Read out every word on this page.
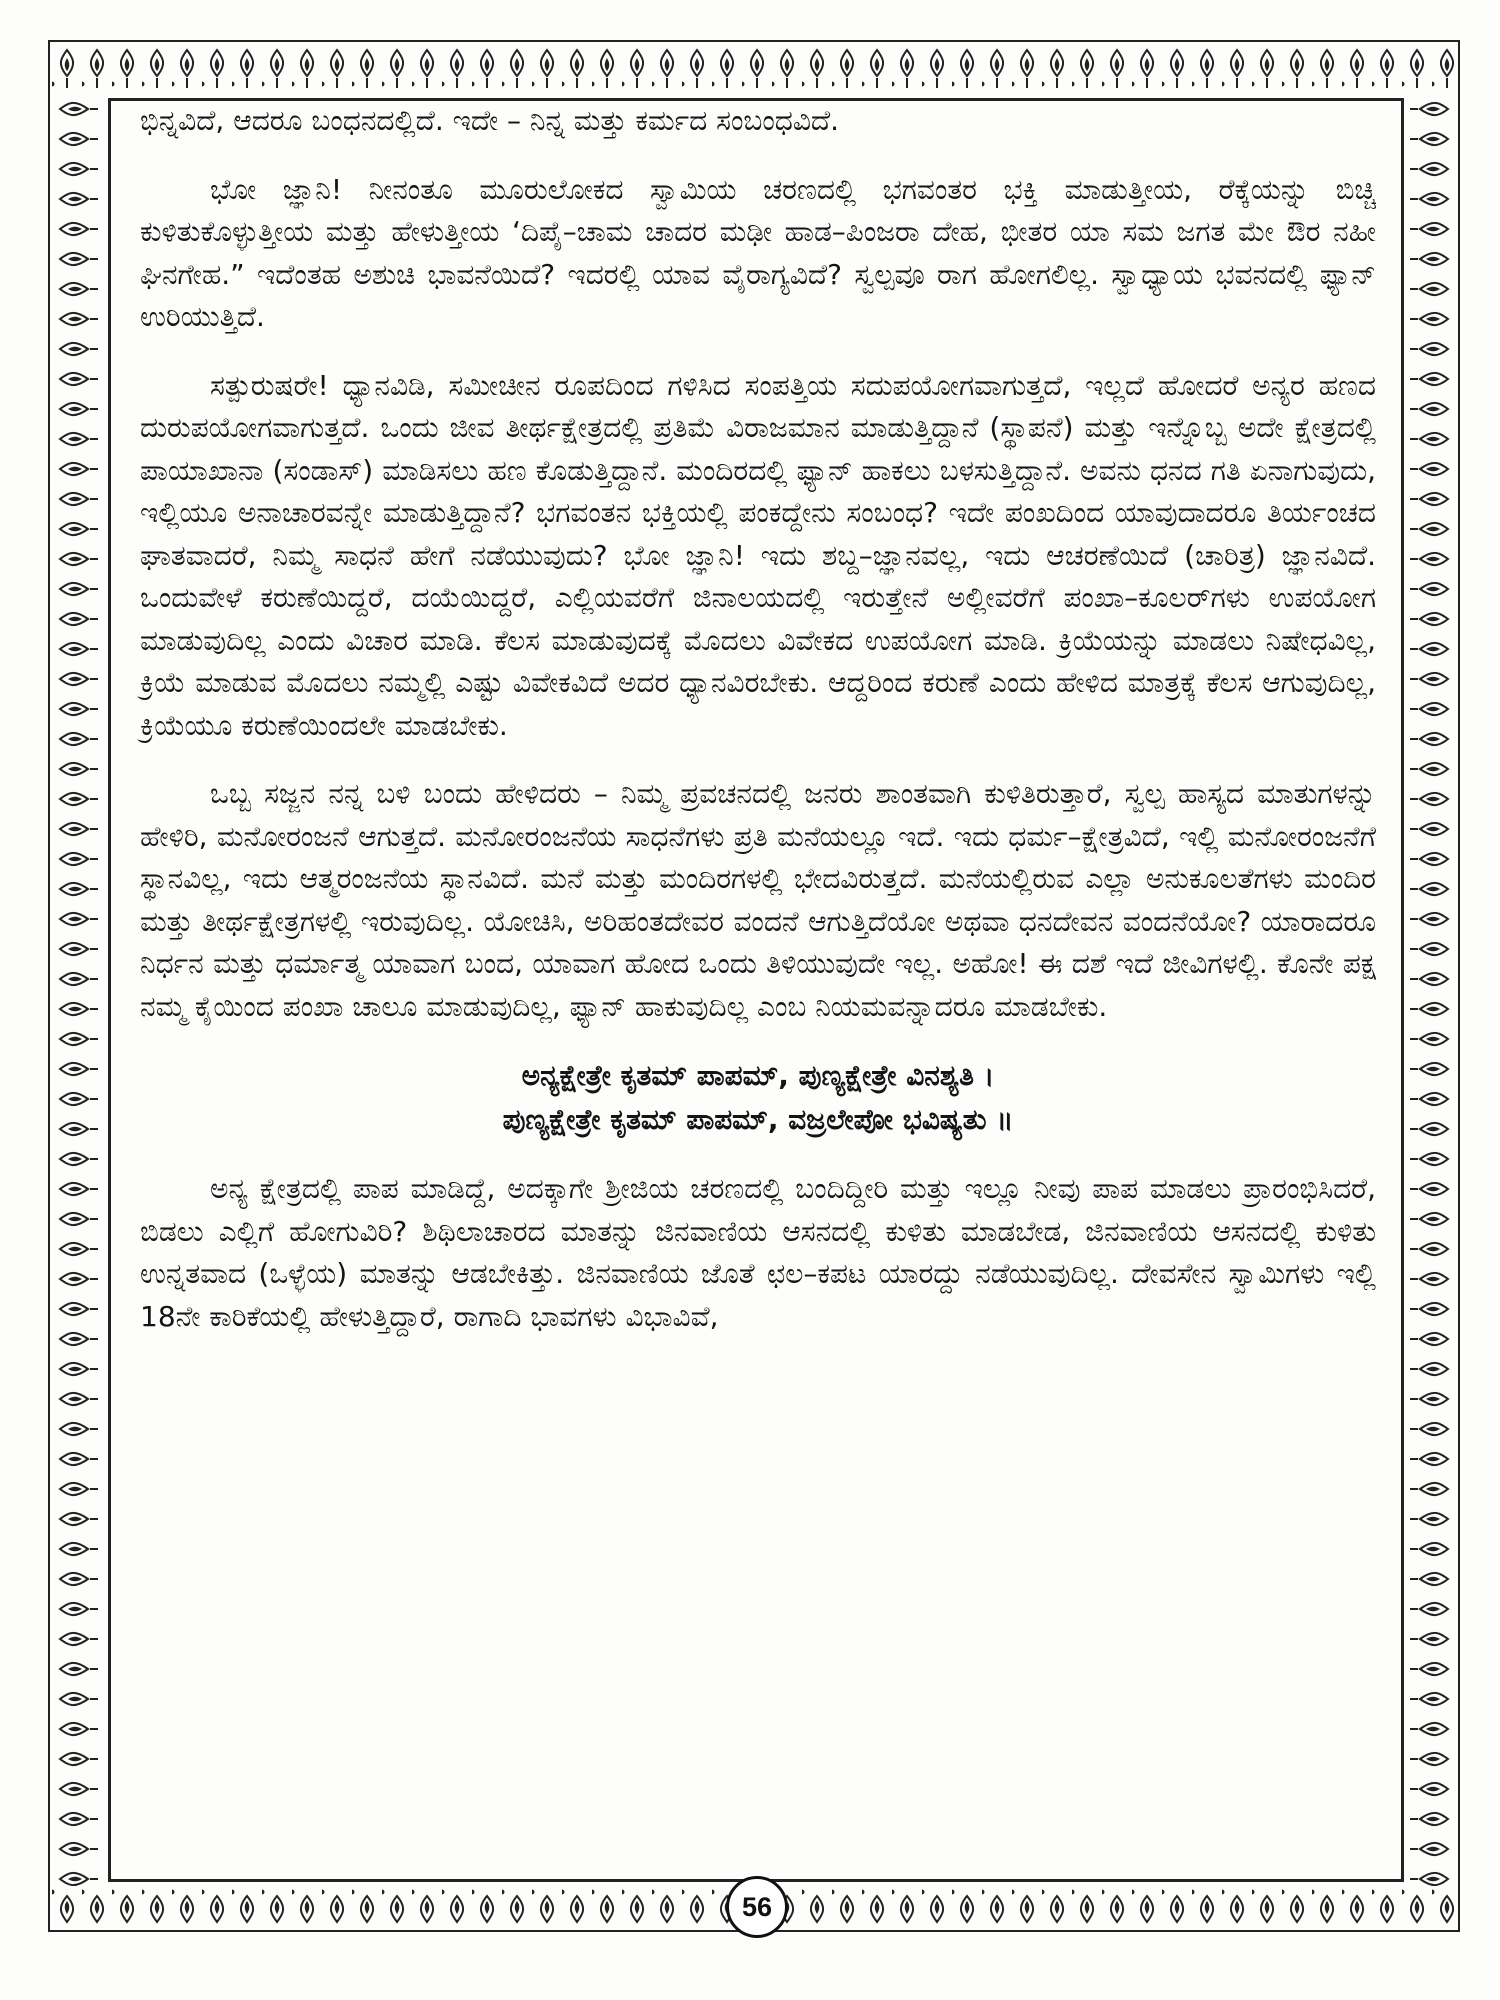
ಭಿನ್ನವಿದೆ, ಆದರೂ ಬಂಧನದಲ್ಲಿದೆ. ಇದೇ – ನಿನ್ನ ಮತ್ತು ಕರ್ಮದ ಸಂಬಂಧವಿದೆ.

ಭೋ ಜ್ಞಾನಿ! ನೀನಂತೂ ಮೂರುಲೋಕದ ಸ್ವಾಮಿಯ ಚರಣದಲ್ಲಿ ಭಗವಂತರ ಭಕ್ತಿ ಮಾಡುತ್ತೀಯ, ರೆಕ್ಕೆಯನ್ನು ಬಿಚ್ಚಿ ಕುಳಿತುಕೊಳ್ಳುತ್ತೀಯ ಮತ್ತು ಹೇಳುತ್ತೀಯ ‘ದಿಪೈ–ಚಾಮ ಚಾದರ ಮಢೀ ಹಾಡ–ಪಿಂಜರಾ ದೇಹ, ಭೀತರ ಯಾ ಸಮ ಜಗತ ಮೇ ಔರ ನಹೀ ಘಿನಗೇಹ.” ಇದೆಂತಹ ಅಶುಚಿ ಭಾವನೆಯಿದೆ? ಇದರಲ್ಲಿ ಯಾವ ವೈರಾಗ್ಯವಿದೆ? ಸ್ವಲ್ಪವೂ ರಾಗ ಹೋಗಲಿಲ್ಲ. ಸ್ವಾಧ್ಯಾಯ ಭವನದಲ್ಲಿ ಫ್ಯಾನ್ ಉರಿಯುತ್ತಿದೆ.

ಸತ್ಪುರುಷರೇ! ಧ್ಯಾನವಿಡಿ, ಸಮೀಚೀನ ರೂಪದಿಂದ ಗಳಿಸಿದ ಸಂಪತ್ತಿಯ ಸದುಪಯೋಗವಾಗುತ್ತದೆ, ಇಲ್ಲದೆ ಹೋದರೆ ಅನ್ಯರ ಹಣದ ದುರುಪಯೋಗವಾಗುತ್ತದೆ. ಒಂದು ಜೀವ ತೀರ್ಥಕ್ಷೇತ್ರದಲ್ಲಿ ಪ್ರತಿಮೆ ವಿರಾಜಮಾನ ಮಾಡುತ್ತಿದ್ದಾನೆ (ಸ್ಥಾಪನೆ) ಮತ್ತು ಇನ್ನೊಬ್ಬ ಅದೇ ಕ್ಷೇತ್ರದಲ್ಲಿ ಪಾಯಾಖಾನಾ (ಸಂಡಾಸ್) ಮಾಡಿಸಲು ಹಣ ಕೊಡುತ್ತಿದ್ದಾನೆ. ಮಂದಿರದಲ್ಲಿ ಫ್ಯಾನ್ ಹಾಕಲು ಬಳಸುತ್ತಿದ್ದಾನೆ. ಅವನು ಧನದ ಗತಿ ಏನಾಗುವುದು, ಇಲ್ಲಿಯೂ ಅನಾಚಾರವನ್ನೇ ಮಾಡುತ್ತಿದ್ದಾನೆ? ಭಗವಂತನ ಭಕ್ತಿಯಲ್ಲಿ ಪಂಕದ್ದೇನು ಸಂಬಂಧ? ಇದೇ ಪಂಖದಿಂದ ಯಾವುದಾದರೂ ತಿರ್ಯಂಚದ ಘಾತವಾದರೆ, ನಿಮ್ಮ ಸಾಧನೆ ಹೇಗೆ ನಡೆಯುವುದು? ಭೋ ಜ್ಞಾನಿ! ಇದು ಶಬ್ದ–ಜ್ಞಾನವಲ್ಲ, ಇದು ಆಚರಣೆಯಿದೆ (ಚಾರಿತ್ರ) ಜ್ಞಾನವಿದೆ. ಒಂದುವೇಳೆ ಕರುಣೆಯಿದ್ದರೆ, ದಯೆಯಿದ್ದರೆ, ಎಲ್ಲಿಯವರೆಗೆ ಜಿನಾಲಯದಲ್ಲಿ ಇರುತ್ತೇನೆ ಅಲ್ಲೀವರೆಗೆ ಪಂಖಾ–ಕೂಲರ್‌ಗಳು ಉಪಯೋಗ ಮಾಡುವುದಿಲ್ಲ ಎಂದು ವಿಚಾರ ಮಾಡಿ. ಕೆಲಸ ಮಾಡುವುದಕ್ಕೆ ಮೊದಲು ವಿವೇಕದ ಉಪಯೋಗ ಮಾಡಿ. ಕ್ರಿಯೆಯನ್ನು ಮಾಡಲು ನಿಷೇಧವಿಲ್ಲ, ಕ್ರಿಯೆ ಮಾಡುವ ಮೊದಲು ನಮ್ಮಲ್ಲಿ ಎಷ್ಟು ವಿವೇಕವಿದೆ ಅದರ ಧ್ಯಾನವಿರಬೇಕು. ಆದ್ದರಿಂದ ಕರುಣೆ ಎಂದು ಹೇಳಿದ ಮಾತ್ರಕ್ಕೆ ಕೆಲಸ ಆಗುವುದಿಲ್ಲ, ಕ್ರಿಯೆಯೂ ಕರುಣೆಯಿಂದಲೇ ಮಾಡಬೇಕು.

ಒಬ್ಬ ಸಜ್ಜನ ನನ್ನ ಬಳಿ ಬಂದು ಹೇಳಿದರು – ನಿಮ್ಮ ಪ್ರವಚನದಲ್ಲಿ ಜನರು ಶಾಂತವಾಗಿ ಕುಳಿತಿರುತ್ತಾರೆ, ಸ್ವಲ್ಪ ಹಾಸ್ಯದ ಮಾತುಗಳನ್ನು ಹೇಳಿರಿ, ಮನೋರಂಜನೆ ಆಗುತ್ತದೆ. ಮನೋರಂಜನೆಯ ಸಾಧನೆಗಳು ಪ್ರತಿ ಮನೆಯಲ್ಲೂ ಇದೆ. ಇದು ಧರ್ಮ–ಕ್ಷೇತ್ರವಿದೆ, ಇಲ್ಲಿ ಮನೋರಂಜನೆಗೆ ಸ್ಥಾನವಿಲ್ಲ, ಇದು ಆತ್ಮರಂಜನೆಯ ಸ್ಥಾನವಿದೆ. ಮನೆ ಮತ್ತು ಮಂದಿರಗಳಲ್ಲಿ ಭೇದವಿರುತ್ತದೆ. ಮನೆಯಲ್ಲಿರುವ ಎಲ್ಲಾ ಅನುಕೂಲತೆಗಳು ಮಂದಿರ ಮತ್ತು ತೀರ್ಥಕ್ಷೇತ್ರಗಳಲ್ಲಿ ಇರುವುದಿಲ್ಲ. ಯೋಚಿಸಿ, ಅರಿಹಂತದೇವರ ವಂದನೆ ಆಗುತ್ತಿದೆಯೋ ಅಥವಾ ಧನದೇವನ ವಂದನೆಯೋ? ಯಾರಾದರೂ ನಿರ್ಧನ ಮತ್ತು ಧರ್ಮಾತ್ಮ ಯಾವಾಗ ಬಂದ, ಯಾವಾಗ ಹೋದ ಒಂದು ತಿಳಿಯುವುದೇ ಇಲ್ಲ. ಅಹೋ! ಈ ದಶೆ ಇದೆ ಜೀವಿಗಳಲ್ಲಿ. ಕೊನೇ ಪಕ್ಷ ನಮ್ಮ ಕೈಯಿಂದ ಪಂಖಾ ಚಾಲೂ ಮಾಡುವುದಿಲ್ಲ, ಫ್ಯಾನ್ ಹಾಕುವುದಿಲ್ಲ ಎಂಬ ನಿಯಮವನ್ನಾದರೂ ಮಾಡಬೇಕು.

ಅನ್ಯಕ್ಷೇತ್ರೇ ಕೃತಮ್ ಪಾಪಮ್, ಪುಣ್ಯಕ್ಷೇತ್ರೇ ವಿನಶ್ಯತಿ ।
ಪುಣ್ಯಕ್ಷೇತ್ರೇ ಕೃತಮ್ ಪಾಪಮ್, ವಜ್ರಲೇಪೋ ಭವಿಷ್ಯತು ॥

ಅನ್ಯ ಕ್ಷೇತ್ರದಲ್ಲಿ ಪಾಪ ಮಾಡಿದ್ದೆ, ಅದಕ್ಕಾಗೇ ಶ್ರೀಜಿಯ ಚರಣದಲ್ಲಿ ಬಂದಿದ್ದೀರಿ ಮತ್ತು ಇಲ್ಲೂ ನೀವು ಪಾಪ ಮಾಡಲು ಪ್ರಾರಂಭಿಸಿದರೆ, ಬಿಡಲು ಎಲ್ಲಿಗೆ ಹೋಗುವಿರಿ? ಶಿಥಿಲಾಚಾರದ ಮಾತನ್ನು ಜಿನವಾಣಿಯ ಆಸನದಲ್ಲಿ ಕುಳಿತು ಮಾಡಬೇಡ, ಜಿನವಾಣಿಯ ಆಸನದಲ್ಲಿ ಕುಳಿತು ಉನ್ನತವಾದ (ಒಳ್ಳೆಯ) ಮಾತನ್ನು ಆಡಬೇಕಿತ್ತು. ಜಿನವಾಣಿಯ ಜೊತೆ ಛಲ–ಕಪಟ ಯಾರದ್ದು ನಡೆಯುವುದಿಲ್ಲ. ದೇವಸೇನ ಸ್ವಾಮಿಗಳು ಇಲ್ಲಿ 18ನೇ ಕಾರಿಕೆಯಲ್ಲಿ ಹೇಳುತ್ತಿದ್ದಾರೆ, ರಾಗಾದಿ ಭಾವಗಳು ವಿಭಾವಿವೆ,

56
